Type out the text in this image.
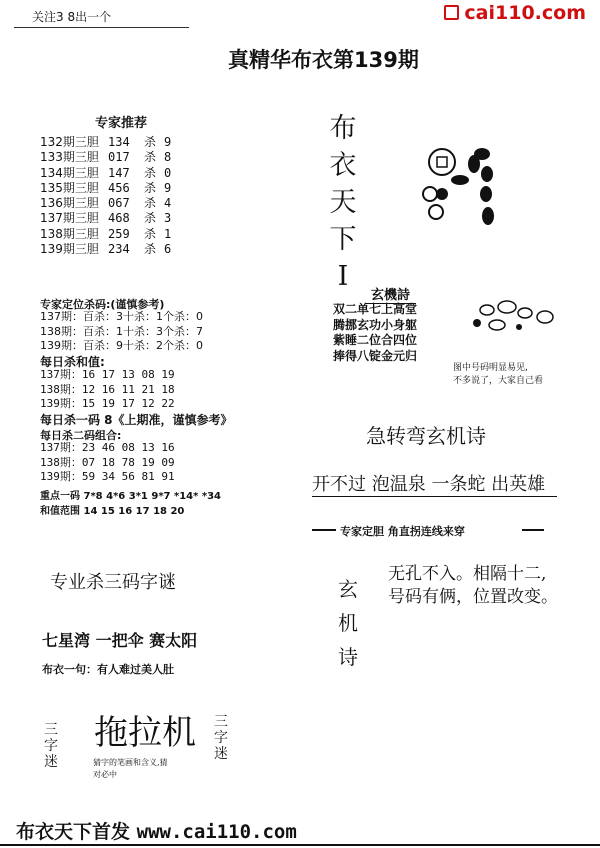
关注3 8出一个	cai110.com
真精华布衣第139期
专家推荐
132期三胆 134 杀 9
133期三胆 017 杀 8
134期三胆 147 杀 0
135期三胆 456 杀 9
136期三胆 067 杀 4
137期三胆 468 杀 3
138期三胆 259 杀 1
139期三胆 234 杀 6
专家定位杀码:(谨慎参考)
137期：百杀：3十杀：1个杀：0
138期：百杀：1十杀：3个杀：7
139期：百杀：9十杀：2个杀：0
每日杀和值:
137期：16 17 13 08 19
138期：12 16 11 21 18
139期：15 19 17 12 22
每日杀一码 8《上期准，谨慎参考》
每日杀二码组合:
137期：23 46 08 13 16
138期：07 18 78 19 09
139期：59 34 56 81 91
重点一码 7*8 4*6 3*1 9*7 *14* *34
和值范围 14 15 16 17 18 20
布
衣
天
下
I
玄機詩
双二单七上高堂
腾挪玄功小身躯
紫睡二位合四位
捧得八锭金元归
图中号码明显易见,
不多说了，大家自己看
急转弯玄机诗
开不过 泡温泉 一条蛇 出英雄
专家定胆 角直拐连线来穿
玄
机
诗
无孔不入。相隔十二,
号码有俩，位置改变。
专业杀三码字谜
七星湾 一把伞 赛太阳
布衣一句：有人难过美人肚
三
字
迷
拖拉机 三
字
迷
猜字的笔画和含义,猜
对必中
布衣天下首发 www.cai110.com
